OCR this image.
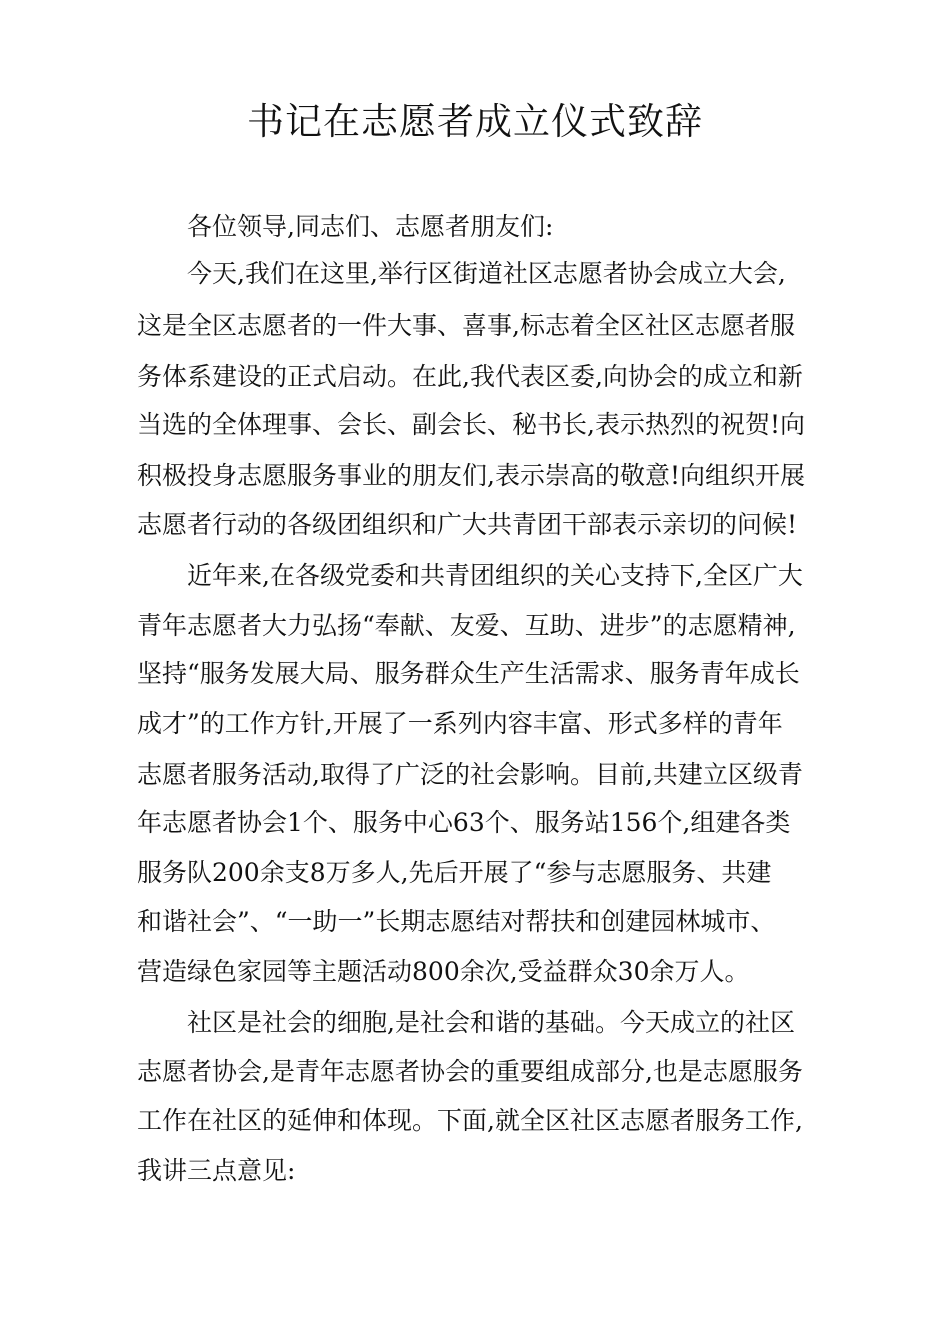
书记在志愿者成立仪式致辞
　　各位领导,同志们、志愿者朋友们:
　　今天,我们在这里,举行区街道社区志愿者协会成立大会,
这是全区志愿者的一件大事、喜事,标志着全区社区志愿者服
务体系建设的正式启动。在此,我代表区委,向协会的成立和新
当选的全体理事、会长、副会长、秘书长,表示热烈的祝贺!向
积极投身志愿服务事业的朋友们,表示崇高的敬意!向组织开展
志愿者行动的各级团组织和广大共青团干部表示亲切的问候!
　　近年来,在各级党委和共青团组织的关心支持下,全区广大
青年志愿者大力弘扬“奉献、友爱、互助、进步”的志愿精神,
坚持“服务发展大局、服务群众生产生活需求、服务青年成长
成才”的工作方针,开展了一系列内容丰富、形式多样的青年
志愿者服务活动,取得了广泛的社会影响。目前,共建立区级青
年志愿者协会1个、服务中心63个、服务站156个,组建各类
服务队200余支8万多人,先后开展了“参与志愿服务、共建
和谐社会”、“一助一”长期志愿结对帮扶和创建园林城市、
营造绿色家园等主题活动800余次,受益群众30余万人。
　　社区是社会的细胞,是社会和谐的基础。今天成立的社区
志愿者协会,是青年志愿者协会的重要组成部分,也是志愿服务
工作在社区的延伸和体现。下面,就全区社区志愿者服务工作,
我讲三点意见:
